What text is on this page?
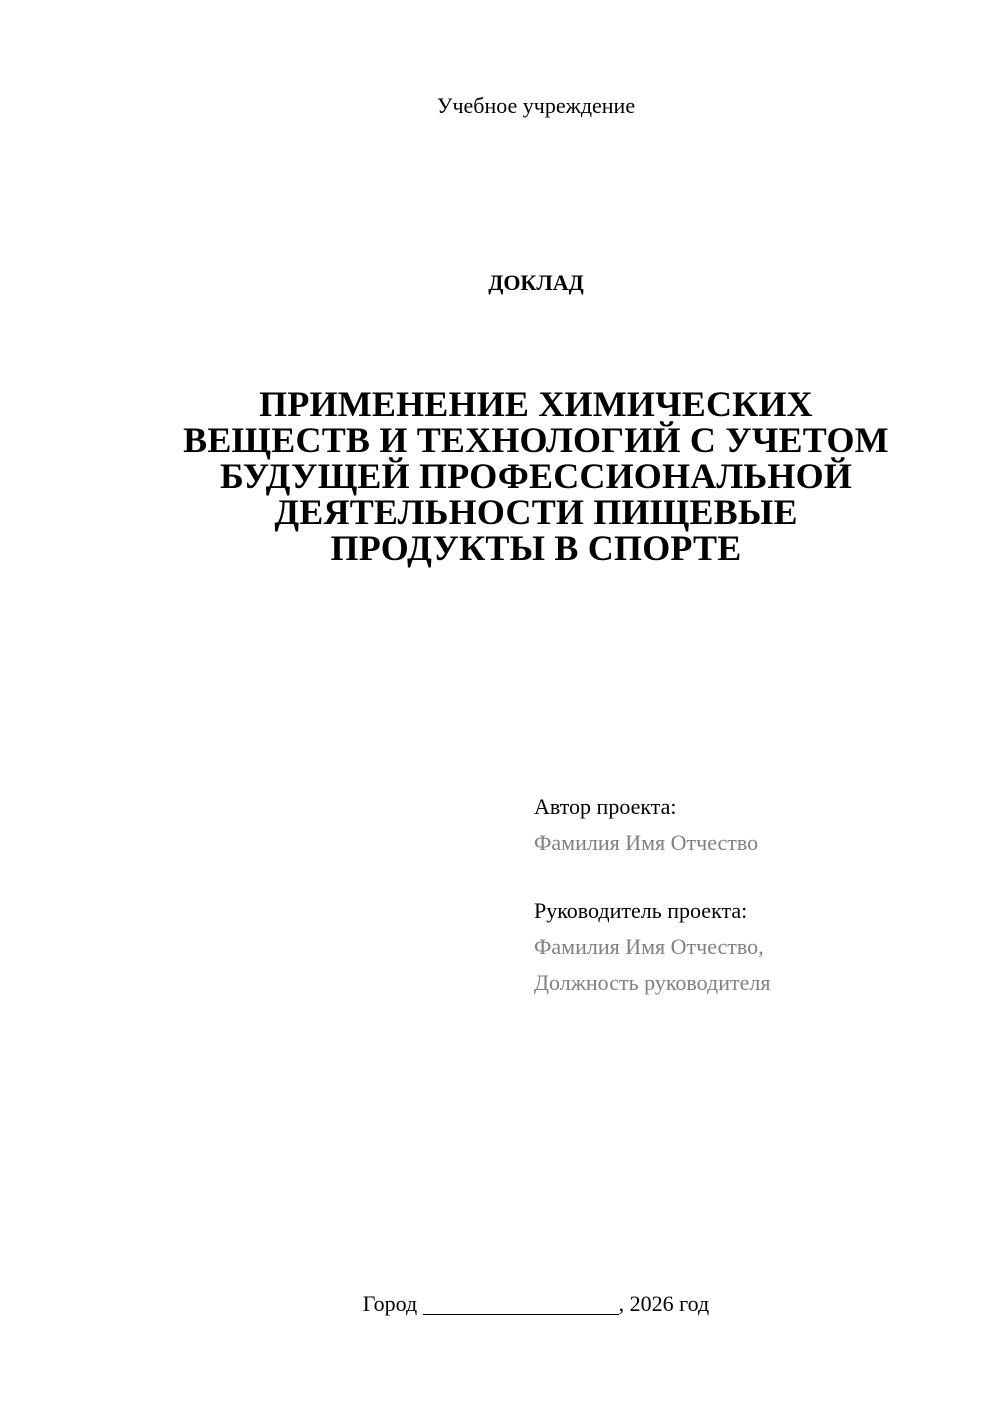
Учебное учреждение
ДОКЛАД
ПРИМЕНЕНИЕ ХИМИЧЕСКИХ
ВЕЩЕСТВ И ТЕХНОЛОГИЙ С УЧЕТОМ
БУДУЩЕЙ ПРОФЕССИОНАЛЬНОЙ
ДЕЯТЕЛЬНОСТИ ПИЩЕВЫЕ
ПРОДУКТЫ В СПОРТЕ
Автор проекта:
Фамилия Имя Отчество
Руководитель проекта:
Фамилия Имя Отчество,
Должность руководителя
Город	, 2026 год
